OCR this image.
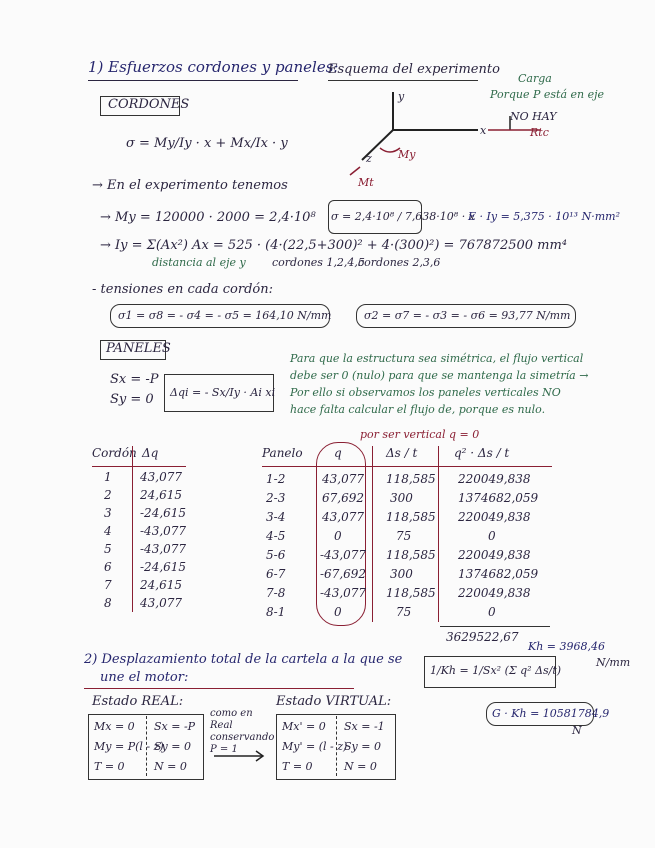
1) Esfuerzos cordones y paneles:
Esquema del experimento
Carga
Porque P está en eje
NO HAY
Rtc
y
x
z My
Mt
CORDONES
σ = My/Iy · x + Mx/Ix · y
→ En el experimento tenemos
→ My = 120000 · 2000 = 2,4·10⁸ σ = 2,4·10⁸ / 7,638·10⁸ · x
E · Iy = 5,375 · 10¹³ N·mm²
→ Iy = Σ(Ax²) Ax = 525 · (4·(22,5+300)² + 4·(300)²) = 767872500 mm⁴
distancia al eje y cordones 1,2,4,5
cordones 2,3,6
- tensiones en cada cordón:
σ1 = σ8 = - σ4 = - σ5 = 164,10 N/mm	σ2 = σ7 = - σ3 = - σ6 = 93,77 N/mm
PANELES
Sx = -P
Sy = 0 Δqi = - Sx/Iy · Ai xi
Para que la estructura sea simétrica, el flujo vertical debe ser 0 (nulo) para que se mantenga la simetría → Por ello si observamos los paneles verticales NO hace falta calcular el flujo de, porque es nulo.
por ser vertical q = 0
Cordón Δq
1 43,077
2 24,615
3 -24,615
4 -43,077
5 -43,077
6 -24,615
7 24,615
8 43,077
Panelo	q	Δs / t	q² · Δs / t
1-2	43,077 118,585 220049,838
2-3	67,692 300	1374682,059
3-4	43,077 118,585 220049,838
4-5	0	75	0
5-6	-43,077 118,585 220049,838
6-7	-67,692 300	1374682,059
7-8	-43,077 118,585 220049,838
8-1	0	75	0
3629522,67
2) Desplazamiento total de la cartela a la que se
une el motor:	1/Kh = 1/Sx² (Σ q² Δs/t)
Kh = 3968,46
N/mm
G · Kh = 10581784,9
N
Estado REAL:
Mx = 0
My = P(l - z)
T = 0
Sx = -P
Sy = 0
N = 0
como en Real conservando P = 1
Estado VIRTUAL:
Mx' = 0
My' = (l - z)
T = 0
Sx = -1
Sy = 0
N = 0
